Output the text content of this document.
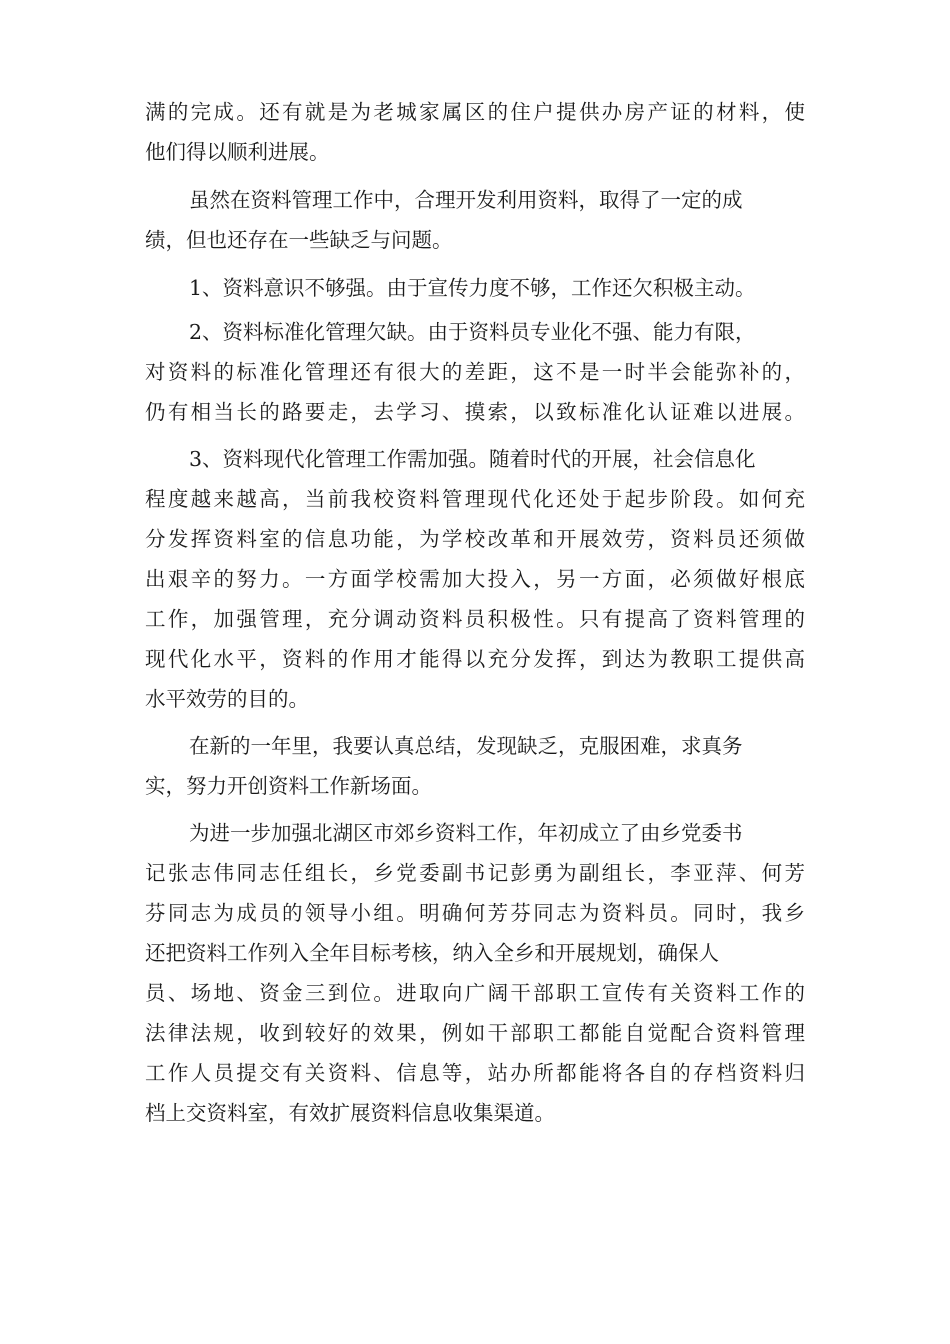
满的完成。还有就是为老城家属区的住户提供办房产证的材料，使
他们得以顺利进展。
虽然在资料管理工作中，合理开发利用资料，取得了一定的成
绩，但也还存在一些缺乏与问题。
1、资料意识不够强。由于宣传力度不够，工作还欠积极主动。
2、资料标准化管理欠缺。由于资料员专业化不强、能力有限，
对资料的标准化管理还有很大的差距，这不是一时半会能弥补的，
仍有相当长的路要走，去学习、摸索，以致标准化认证难以进展。
3、资料现代化管理工作需加强。随着时代的开展，社会信息化
程度越来越高，当前我校资料管理现代化还处于起步阶段。如何充
分发挥资料室的信息功能，为学校改革和开展效劳，资料员还须做
出艰辛的努力。一方面学校需加大投入，另一方面，必须做好根底
工作，加强管理，充分调动资料员积极性。只有提高了资料管理的
现代化水平，资料的作用才能得以充分发挥，到达为教职工提供高
水平效劳的目的。
在新的一年里，我要认真总结，发现缺乏，克服困难，求真务
实，努力开创资料工作新场面。
为进一步加强北湖区市郊乡资料工作，年初成立了由乡党委书
记张志伟同志任组长，乡党委副书记彭勇为副组长，李亚萍、何芳
芬同志为成员的领导小组。明确何芳芬同志为资料员。同时，我乡
还把资料工作列入全年目标考核，纳入全乡和开展规划，确保人
员、场地、资金三到位。进取向广阔干部职工宣传有关资料工作的
法律法规，收到较好的效果，例如干部职工都能自觉配合资料管理
工作人员提交有关资料、信息等，站办所都能将各自的存档资料归
档上交资料室，有效扩展资料信息收集渠道。
